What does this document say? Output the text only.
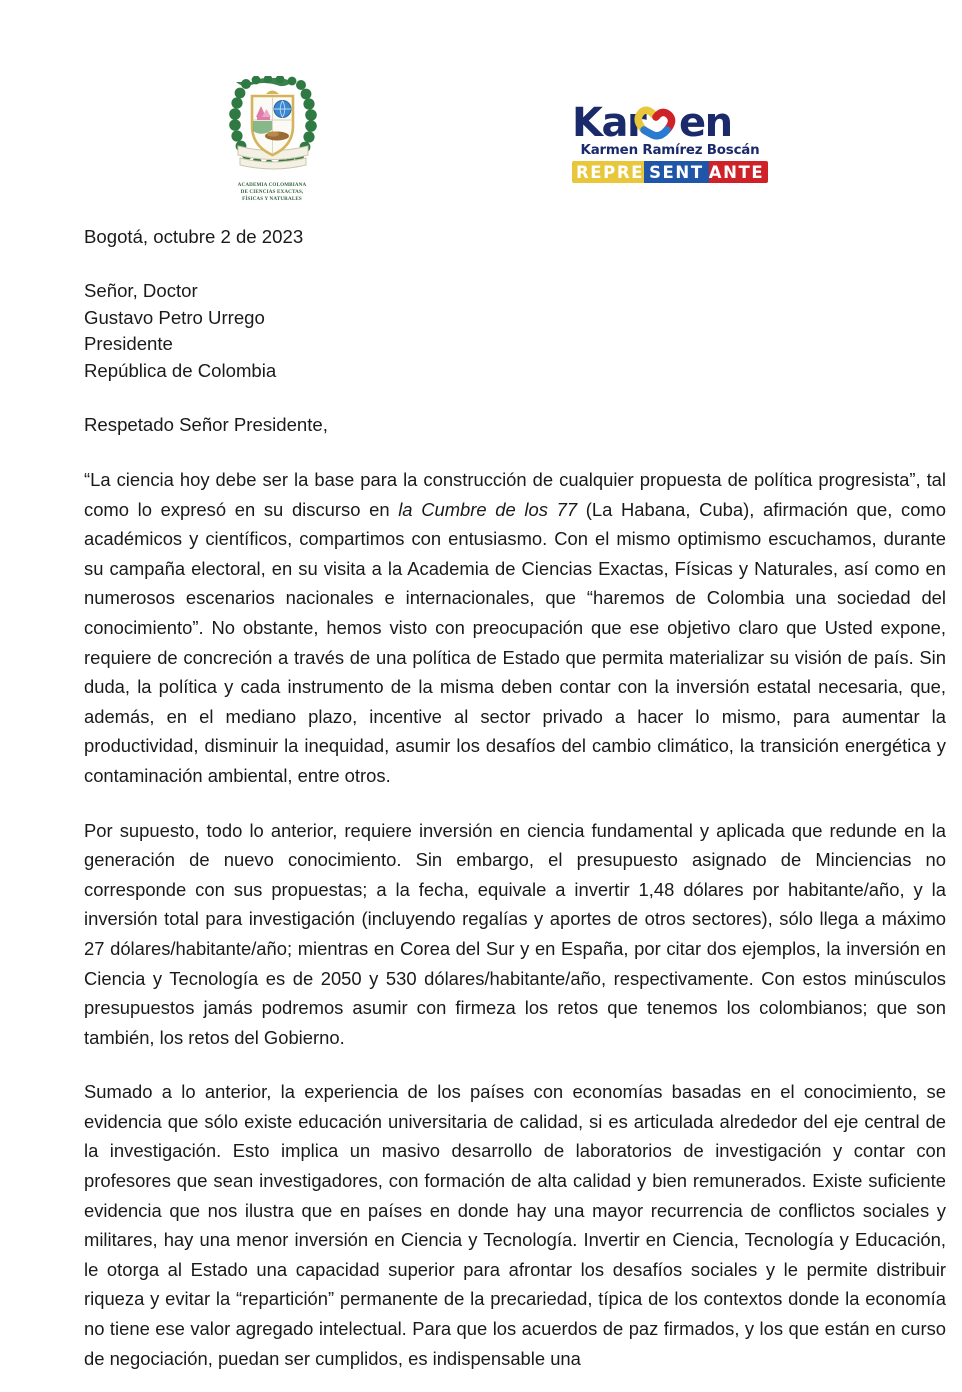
ACADEMIA COLOMBIANA
DE CIENCIAS EXACTAS,
FÍSICAS Y NATURALES
Kar en
Karmen Ramírez Boscán
REPRE SENT ANTE
Bogotá, octubre 2 de 2023
Señor, Doctor
Gustavo Petro Urrego
Presidente
República de Colombia
Respetado Señor Presidente,

“La ciencia hoy debe ser la base para la construcción de cualquier propuesta de política progresista”, tal como lo expresó en su discurso en la Cumbre de los 77 (La Habana, Cuba), afirmación que, como académicos y científicos, compartimos con entusiasmo. Con el mismo optimismo escuchamos, durante su campaña electoral, en su visita a la Academia de Ciencias Exactas, Físicas y Naturales, así como en numerosos escenarios nacionales e internacionales, que “haremos de Colombia una sociedad del conocimiento”. No obstante, hemos visto con preocupación que ese objetivo claro que Usted expone, requiere de concreción a través de una política de Estado que permita materializar su visión de país. Sin duda, la política y cada instrumento de la misma deben contar con la inversión estatal necesaria, que, además, en el mediano plazo, incentive al sector privado a hacer lo mismo, para aumentar la productividad, disminuir la inequidad, asumir los desafíos del cambio climático, la transición energética y contaminación ambiental, entre otros.

Por supuesto, todo lo anterior, requiere inversión en ciencia fundamental y aplicada que redunde en la generación de nuevo conocimiento. Sin embargo, el presupuesto asignado de Minciencias no corresponde con sus propuestas; a la fecha, equivale a invertir 1,48 dólares por habitante/año, y la inversión total para investigación (incluyendo regalías y aportes de otros sectores), sólo llega a máximo 27 dólares/habitante/año; mientras en Corea del Sur y en España, por citar dos ejemplos, la inversión en Ciencia y Tecnología es de 2050 y 530 dólares/habitante/año, respectivamente. Con estos minúsculos presupuestos jamás podremos asumir con firmeza los retos que tenemos los colombianos; que son también, los retos del Gobierno.

Sumado a lo anterior, la experiencia de los países con economías basadas en el conocimiento, se evidencia que sólo existe educación universitaria de calidad, si es articulada alrededor del eje central de la investigación. Esto implica un masivo desarrollo de laboratorios de investigación y contar con profesores que sean investigadores, con formación de alta calidad y bien remunerados. Existe suficiente evidencia que nos ilustra que en países en donde hay una mayor recurrencia de conflictos sociales y militares, hay una menor inversión en Ciencia y Tecnología. Invertir en Ciencia, Tecnología y Educación, le otorga al Estado una capacidad superior para afrontar los desafíos sociales y le permite distribuir riqueza y evitar la “repartición” permanente de la precariedad, típica de los contextos donde la economía no tiene ese valor agregado intelectual. Para que los acuerdos de paz firmados, y los que están en curso de negociación, puedan ser cumplidos, es indispensable una
